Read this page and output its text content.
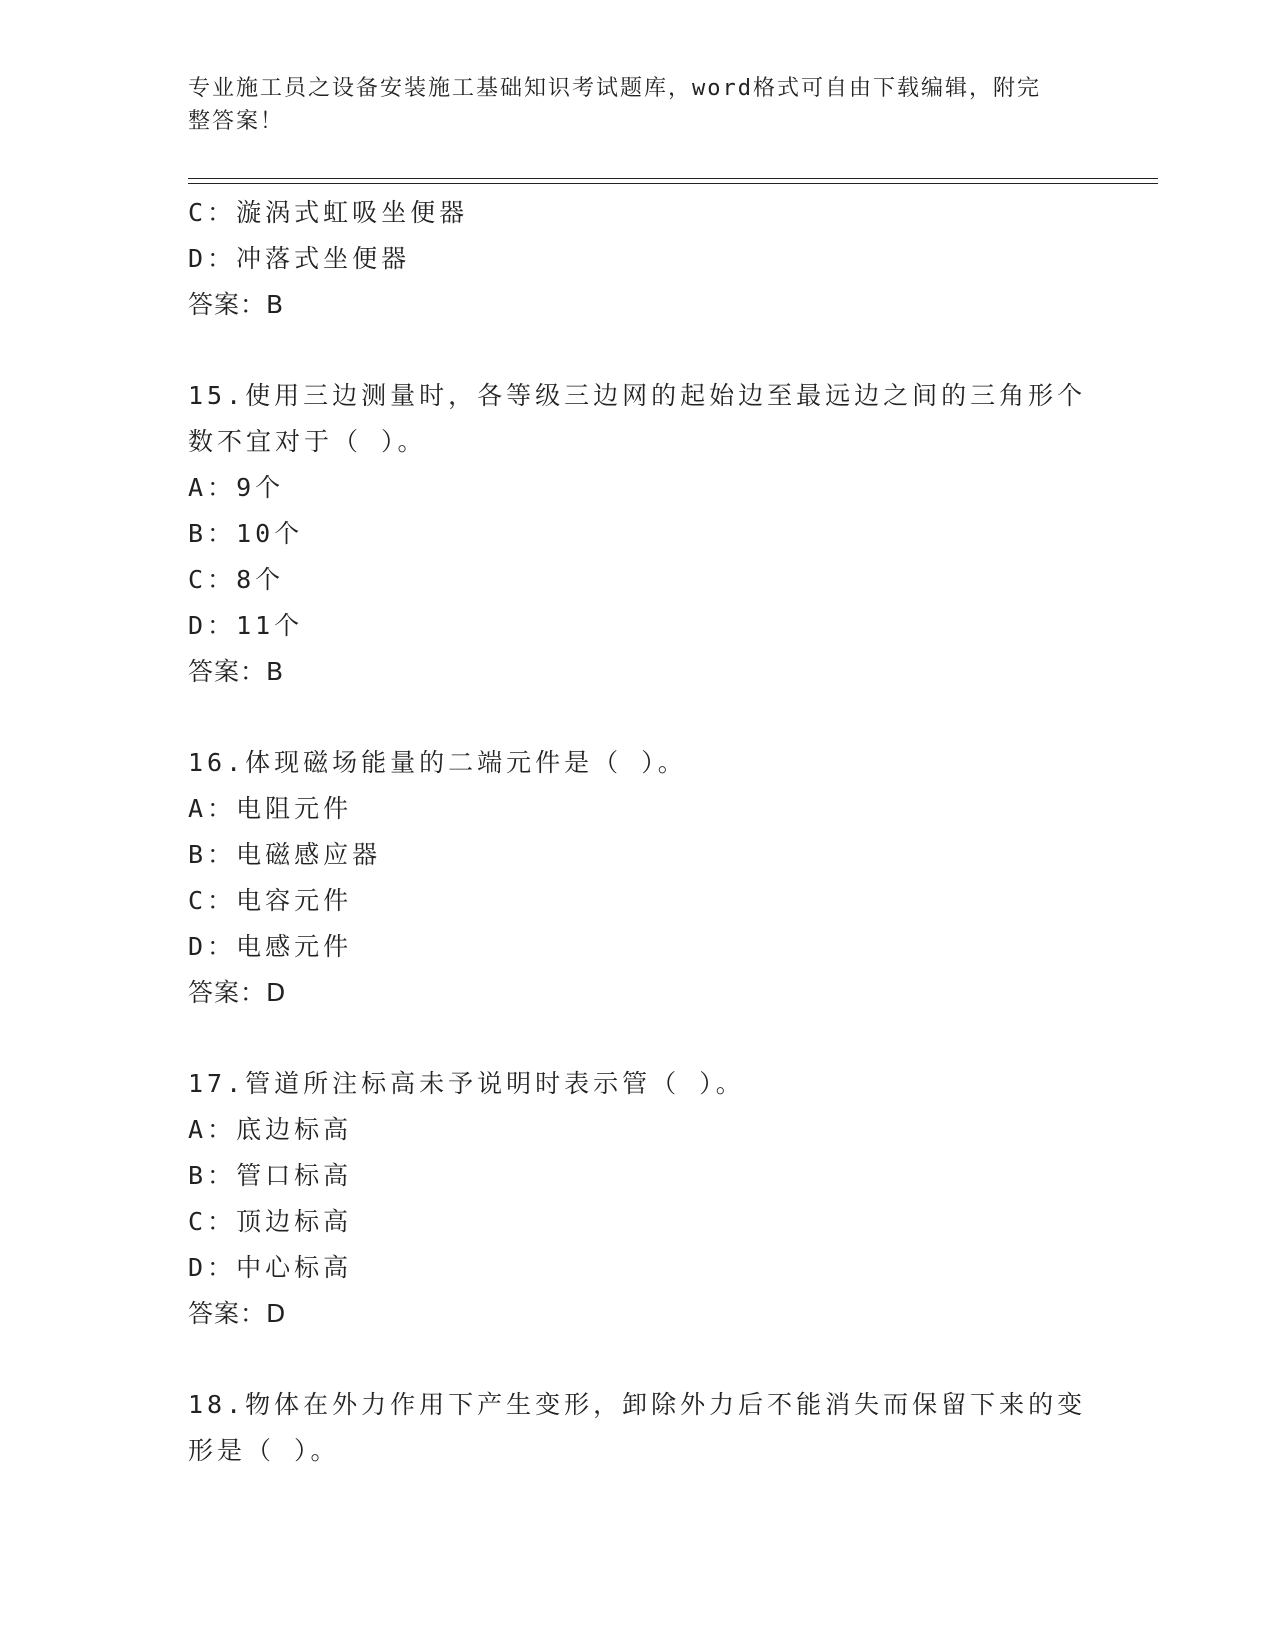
专业施工员之设备安装施工基础知识考试题库，word格式可自由下载编辑，附完
整答案！
C：漩涡式虹吸坐便器
D：冲落式坐便器
答案：B
15.使用三边测量时，各等级三边网的起始边至最远边之间的三角形个
数不宜对于（ ）。
A：9个
B：10个
C：8个
D：11个
答案：B
16.体现磁场能量的二端元件是（ ）。
A：电阻元件
B：电磁感应器
C：电容元件
D：电感元件
答案：D
17.管道所注标高未予说明时表示管（ ）。
A：底边标高
B：管口标高
C：顶边标高
D：中心标高
答案：D
18.物体在外力作用下产生变形，卸除外力后不能消失而保留下来的变
形是（ ）。
